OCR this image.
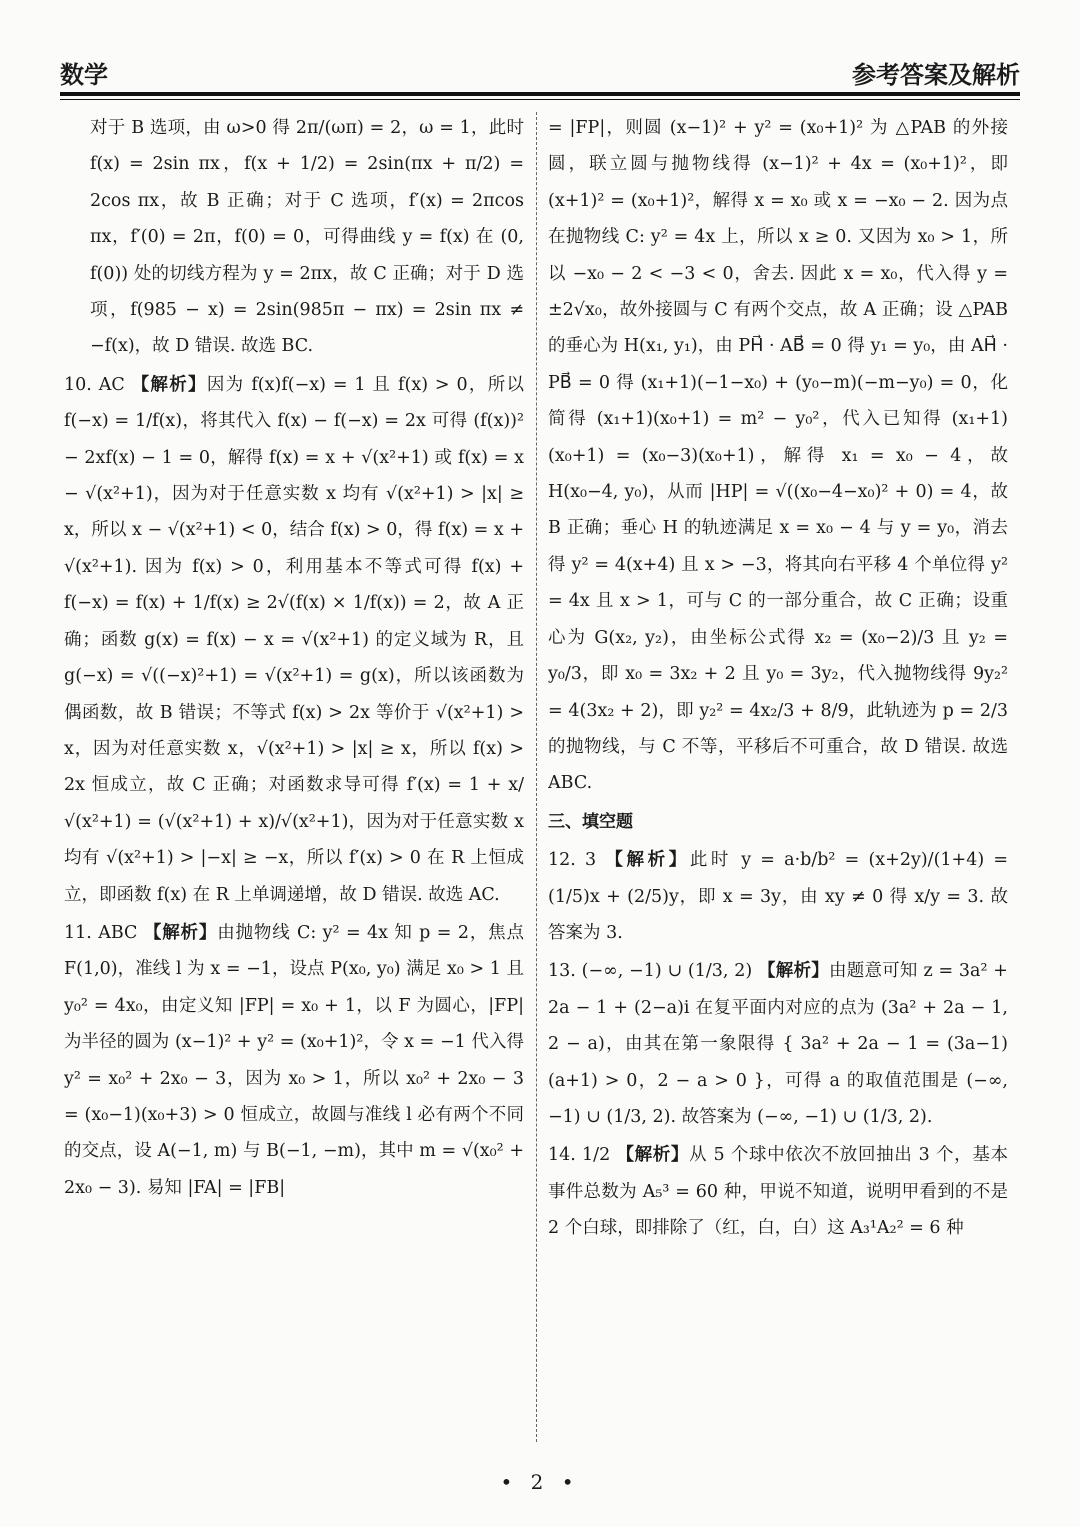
数学	参考答案及解析

对于 B 选项，由 ω>0 得 2π/(ωπ) = 2，ω = 1，此时 f(x) = 2sin πx，f(x + 1/2) = 2sin(πx + π/2) = 2cos πx，故 B 正确；对于 C 选项，f′(x) = 2πcos πx，f′(0) = 2π，f(0) = 0，可得曲线 y = f(x) 在 (0, f(0)) 处的切线方程为 y = 2πx，故 C 正确；对于 D 选项，f(985 − x) = 2sin(985π − πx) = 2sin πx ≠ −f(x)，故 D 错误. 故选 BC.

10. AC 【解析】因为 f(x)f(−x) = 1 且 f(x) > 0，所以 f(−x) = 1/f(x)，将其代入 f(x) − f(−x) = 2x 可得 (f(x))² − 2xf(x) − 1 = 0，解得 f(x) = x + √(x²+1) 或 f(x) = x − √(x²+1)，因为对于任意实数 x 均有 √(x²+1) > |x| ≥ x，所以 x − √(x²+1) < 0，结合 f(x) > 0，得 f(x) = x + √(x²+1). 因为 f(x) > 0，利用基本不等式可得 f(x) + f(−x) = f(x) + 1/f(x) ≥ 2√(f(x) × 1/f(x)) = 2，故 A 正确；函数 g(x) = f(x) − x = √(x²+1) 的定义域为 R，且 g(−x) = √((−x)²+1) = √(x²+1) = g(x)，所以该函数为偶函数，故 B 错误；不等式 f(x) > 2x 等价于 √(x²+1) > x，因为对任意实数 x，√(x²+1) > |x| ≥ x，所以 f(x) > 2x 恒成立，故 C 正确；对函数求导可得 f′(x) = 1 + x/√(x²+1) = (√(x²+1) + x)/√(x²+1)，因为对于任意实数 x 均有 √(x²+1) > |−x| ≥ −x，所以 f′(x) > 0 在 R 上恒成立，即函数 f(x) 在 R 上单调递增，故 D 错误. 故选 AC.

11. ABC 【解析】由抛物线 C: y² = 4x 知 p = 2，焦点 F(1,0)，准线 l 为 x = −1，设点 P(x₀, y₀) 满足 x₀ > 1 且 y₀² = 4x₀，由定义知 |FP| = x₀ + 1，以 F 为圆心，|FP| 为半径的圆为 (x−1)² + y² = (x₀+1)²，令 x = −1 代入得 y² = x₀² + 2x₀ − 3，因为 x₀ > 1，所以 x₀² + 2x₀ − 3 = (x₀−1)(x₀+3) > 0 恒成立，故圆与准线 l 必有两个不同的交点，设 A(−1, m) 与 B(−1, −m)，其中 m = √(x₀² + 2x₀ − 3). 易知 |FA| = |FB|

= |FP|，则圆 (x−1)² + y² = (x₀+1)² 为 △PAB 的外接圆，联立圆与抛物线得 (x−1)² + 4x = (x₀+1)²，即 (x+1)² = (x₀+1)²，解得 x = x₀ 或 x = −x₀ − 2. 因为点在抛物线 C: y² = 4x 上，所以 x ≥ 0. 又因为 x₀ > 1，所以 −x₀ − 2 < −3 < 0，舍去. 因此 x = x₀，代入得 y = ±2√x₀，故外接圆与 C 有两个交点，故 A 正确；设 △PAB 的垂心为 H(x₁, y₁)，由 PH⃗ · AB⃗ = 0 得 y₁ = y₀，由 AH⃗ · PB⃗ = 0 得 (x₁+1)(−1−x₀) + (y₀−m)(−m−y₀) = 0，化简得 (x₁+1)(x₀+1) = m² − y₀²，代入已知得 (x₁+1)(x₀+1) = (x₀−3)(x₀+1)，解得 x₁ = x₀ − 4，故 H(x₀−4, y₀)，从而 |HP| = √((x₀−4−x₀)² + 0) = 4，故 B 正确；垂心 H 的轨迹满足 x = x₀ − 4 与 y = y₀，消去得 y² = 4(x+4) 且 x > −3，将其向右平移 4 个单位得 y² = 4x 且 x > 1，可与 C 的一部分重合，故 C 正确；设重心为 G(x₂, y₂)，由坐标公式得 x₂ = (x₀−2)/3 且 y₂ = y₀/3，即 x₀ = 3x₂ + 2 且 y₀ = 3y₂，代入抛物线得 9y₂² = 4(3x₂ + 2)，即 y₂² = 4x₂/3 + 8/9，此轨迹为 p = 2/3 的抛物线，与 C 不等，平移后不可重合，故 D 错误. 故选 ABC.

三、填空题

12. 3 【解析】此时 y = a·b/b² = (x+2y)/(1+4) = (1/5)x + (2/5)y，即 x = 3y，由 xy ≠ 0 得 x/y = 3. 故答案为 3.

13. (−∞, −1) ∪ (1/3, 2) 【解析】由题意可知 z = 3a² + 2a − 1 + (2−a)i 在复平面内对应的点为 (3a² + 2a − 1, 2 − a)，由其在第一象限得 { 3a² + 2a − 1 = (3a−1)(a+1) > 0，2 − a > 0 }，可得 a 的取值范围是 (−∞, −1) ∪ (1/3, 2). 故答案为 (−∞, −1) ∪ (1/3, 2).

14. 1/2 【解析】从 5 个球中依次不放回抽出 3 个，基本事件总数为 A₅³ = 60 种，甲说不知道，说明甲看到的不是 2 个白球，即排除了（红，白，白）这 A₃¹A₂² = 6 种

• 2 •
